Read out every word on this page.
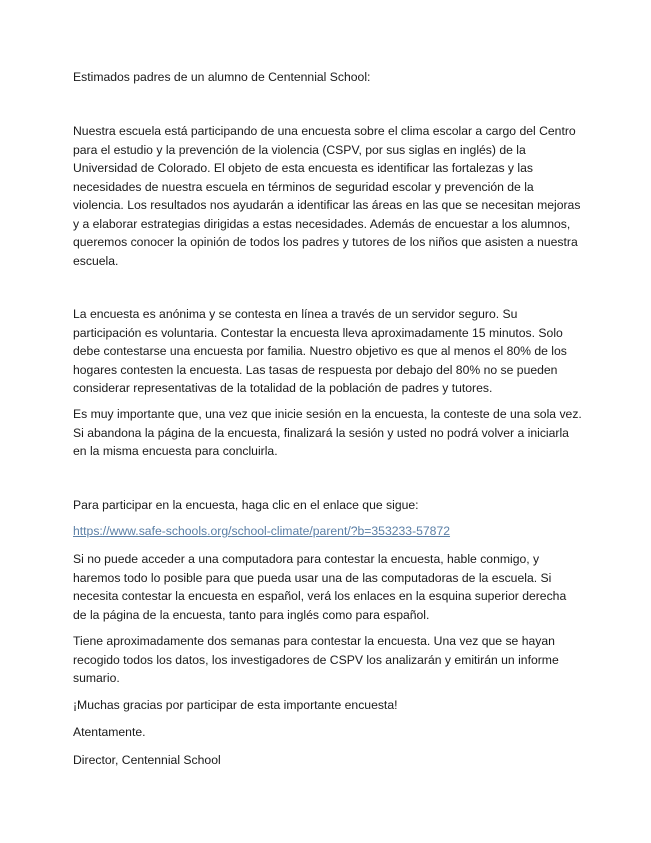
Estimados padres de un alumno de Centennial School:

Nuestra escuela está participando de una encuesta sobre el clima escolar a cargo del Centro para el estudio y la prevención de la violencia (CSPV, por sus siglas en inglés) de la Universidad de Colorado. El objeto de esta encuesta es identificar las fortalezas y las necesidades de nuestra escuela en términos de seguridad escolar y prevención de la violencia. Los resultados nos ayudarán a identificar las áreas en las que se necesitan mejoras y a elaborar estrategias dirigidas a estas necesidades. Además de encuestar a los alumnos, queremos conocer la opinión de todos los padres y tutores de los niños que asisten a nuestra escuela.

La encuesta es anónima y se contesta en línea a través de un servidor seguro. Su participación es voluntaria. Contestar la encuesta lleva aproximadamente 15 minutos. Solo debe contestarse una encuesta por familia. Nuestro objetivo es que al menos el 80% de los hogares contesten la encuesta. Las tasas de respuesta por debajo del 80% no se pueden considerar representativas de la totalidad de la población de padres y tutores.

Es muy importante que, una vez que inicie sesión en la encuesta, la conteste de una sola vez. Si abandona la página de la encuesta, finalizará la sesión y usted no podrá volver a iniciarla en la misma encuesta para concluirla.

Para participar en la encuesta, haga clic en el enlace que sigue:

https://www.safe-schools.org/school-climate/parent/?b=353233-57872

Si no puede acceder a una computadora para contestar la encuesta, hable conmigo, y haremos todo lo posible para que pueda usar una de las computadoras de la escuela. Si necesita contestar la encuesta en español, verá los enlaces en la esquina superior derecha de la página de la encuesta, tanto para inglés como para español.

Tiene aproximadamente dos semanas para contestar la encuesta. Una vez que se hayan recogido todos los datos, los investigadores de CSPV los analizarán y emitirán un informe sumario.

¡Muchas gracias por participar de esta importante encuesta!

Atentamente.

Director, Centennial School
